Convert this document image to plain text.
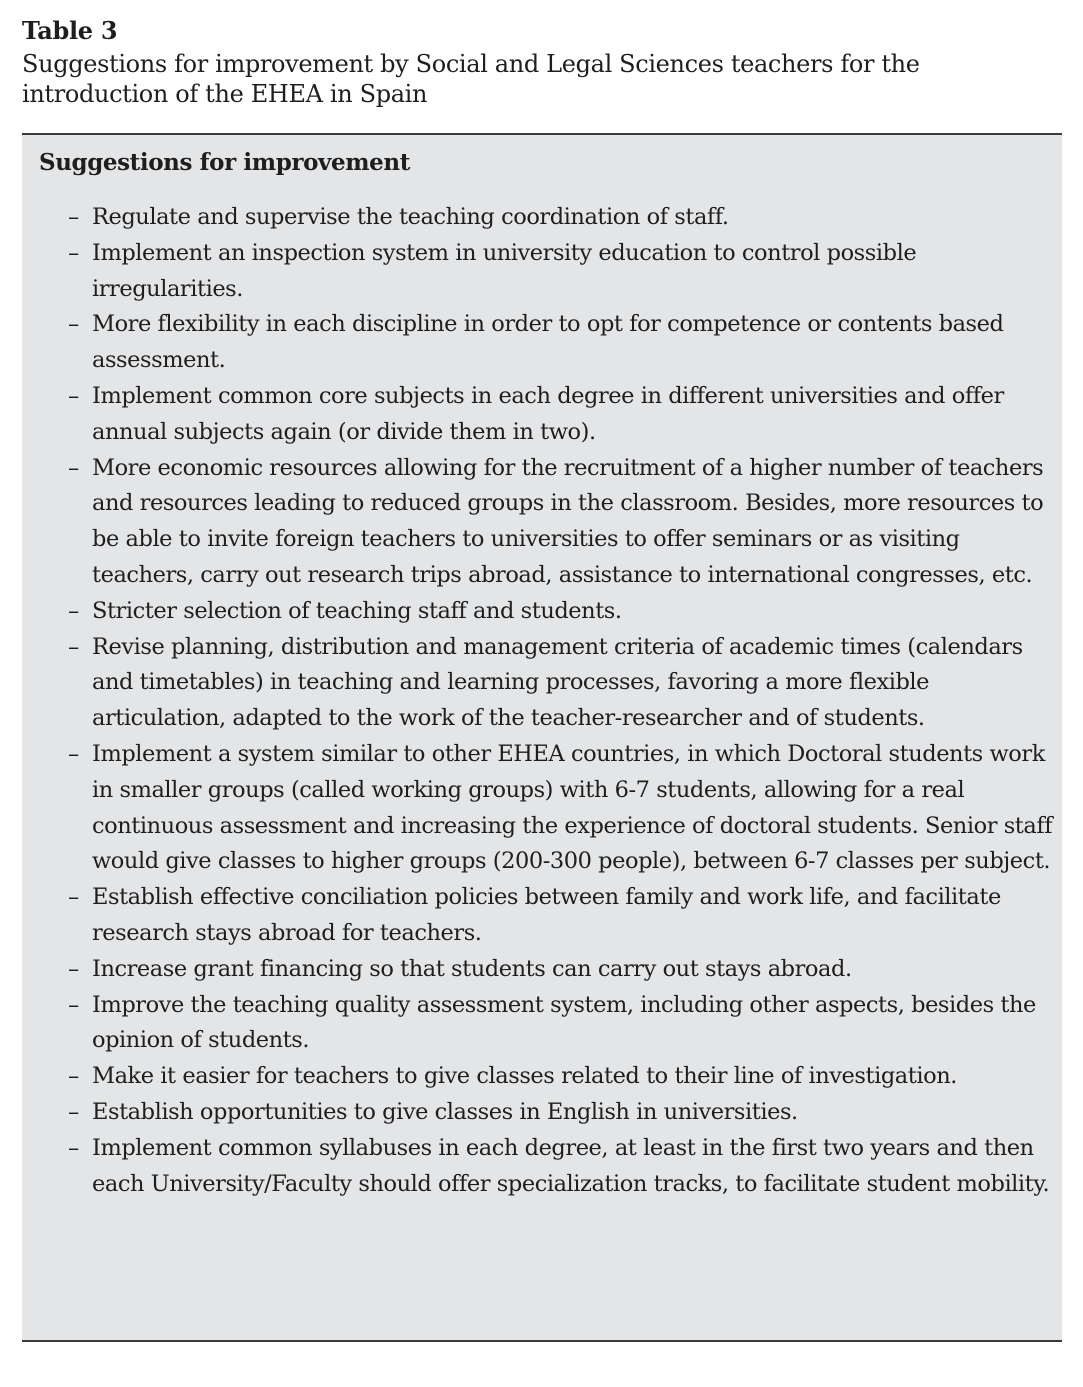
Table 3
Suggestions for improvement by Social and Legal Sciences teachers for the introduction of the EHEA in Spain
Suggestions for improvement
– Regulate and supervise the teaching coordination of staff.
– Implement an inspection system in university education to control possible irregularities.
– More flexibility in each discipline in order to opt for competence or contents based assessment.
– Implement common core subjects in each degree in different universities and offer annual subjects again (or divide them in two).
– More economic resources allowing for the recruitment of a higher number of teachers and resources leading to reduced groups in the classroom. Besides, more resources to be able to invite foreign teachers to universities to offer seminars or as visiting teachers, carry out research trips abroad, assistance to international congresses, etc.
– Stricter selection of teaching staff and students.
– Revise planning, distribution and management criteria of academic times (calendars and timetables) in teaching and learning processes, favoring a more flexible articulation, adapted to the work of the teacher-researcher and of students.
– Implement a system similar to other EHEA countries, in which Doctoral students work in smaller groups (called working groups) with 6-7 students, allowing for a real continuous assessment and increasing the experience of doctoral students. Senior staff would give classes to higher groups (200-300 people), between 6-7 classes per subject.
– Establish effective conciliation policies between family and work life, and facilitate research stays abroad for teachers.
– Increase grant financing so that students can carry out stays abroad.
– Improve the teaching quality assessment system, including other aspects, besides the opinion of students.
– Make it easier for teachers to give classes related to their line of investigation.
– Establish opportunities to give classes in English in universities.
– Implement common syllabuses in each degree, at least in the first two years and then each University/Faculty should offer specialization tracks, to facilitate student mobility.
